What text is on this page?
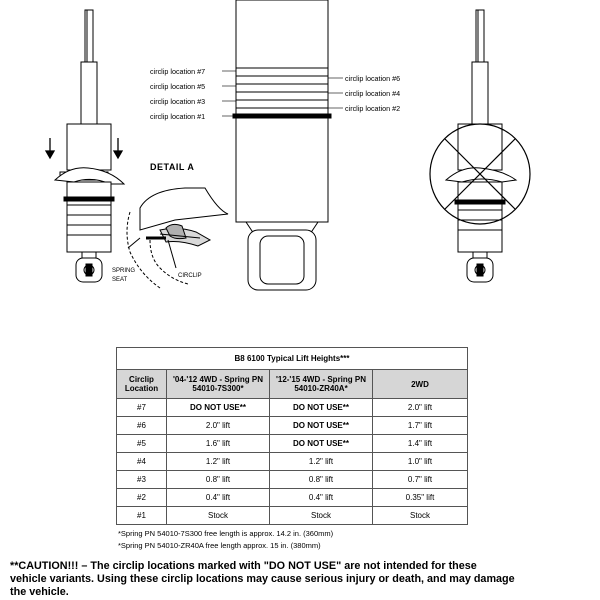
DETAIL A
SPRING
SEAT
CIRCLIP
circlip location #7
circlip location #5
circlip location #3
circlip location #1
circlip location #6
circlip location #4
circlip location #2
B8 6100 Typical Lift Heights***			
Circlip Location	'04-'12 4WD - Spring PN 54010-7S300*	'12-'15 4WD - Spring PN 54010-ZR40A*	2WD
#7	DO NOT USE**	DO NOT USE**	2.0" lift
#6	2.0" lift	DO NOT USE**	1.7" lift
#5	1.6" lift	DO NOT USE**	1.4" lift
#4	1.2" lift	1.2" lift	1.0" lift
#3	0.8" lift	0.8" lift	0.7" lift
#2	0.4" lift	0.4" lift	0.35" lift
#1	Stock	Stock	Stock
*Spring PN 54010-7S300 free length is approx. 14.2 in. (360mm)
*Spring PN 54010-ZR40A free length approx. 15 in. (380mm)
**CAUTION!!! – The circlip locations marked with "DO NOT USE" are not intended for these
vehicle variants. Using these circlip locations may cause serious injury or death, and may damage
the vehicle.
